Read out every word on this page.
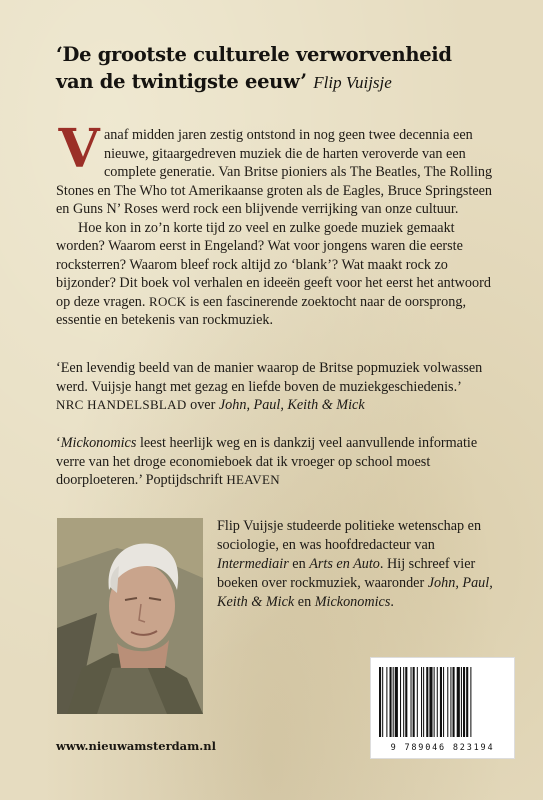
‘De grootste culturele verworvenheid
van de twintigste eeuw’ Flip Vuijsje

Vanaf midden jaren zestig ontstond in nog geen twee decennia een nieuwe, gitaargedreven muziek die de harten veroverde van een complete generatie. Van Britse pioniers als The Beatles, The Rolling Stones en The Who tot Amerikaanse groten als de Eagles, Bruce Springsteen en Guns N’ Roses werd rock een blijvende verrijking van onze cultuur.

Hoe kon in zo’n korte tijd zo veel en zulke goede muziek gemaakt worden? Waarom eerst in Engeland? Wat voor jongens waren die eerste rocksterren? Waarom bleef rock altijd zo ‘blank’? Wat maakt rock zo bijzonder? Dit boek vol verhalen en ideeën geeft voor het eerst het antwoord op deze vragen. ROCK is een fascinerende zoektocht naar de oorsprong, essentie en betekenis van rockmuziek.

‘Een levendig beeld van de manier waarop de Britse popmuziek volwassen werd. Vuijsje hangt met gezag en liefde boven de muziekgeschiedenis.’

NRC HANDELSBLAD over John, Paul, Keith & Mick

‘Mickonomics leest heerlijk weg en is dankzij veel aanvullende informatie verre van het droge economieboek dat ik vroeger op school moest doorploeteren.’ Poptijdschrift HEAVEN

Flip Vuijsje studeerde politieke wetenschap en sociologie, en was hoofdredacteur van Intermediair en Arts en Auto. Hij schreef vier boeken over rockmuziek, waaronder John, Paul, Keith & Mick en Mickonomics.

9 789046 823194
www.nieuwamsterdam.nl
